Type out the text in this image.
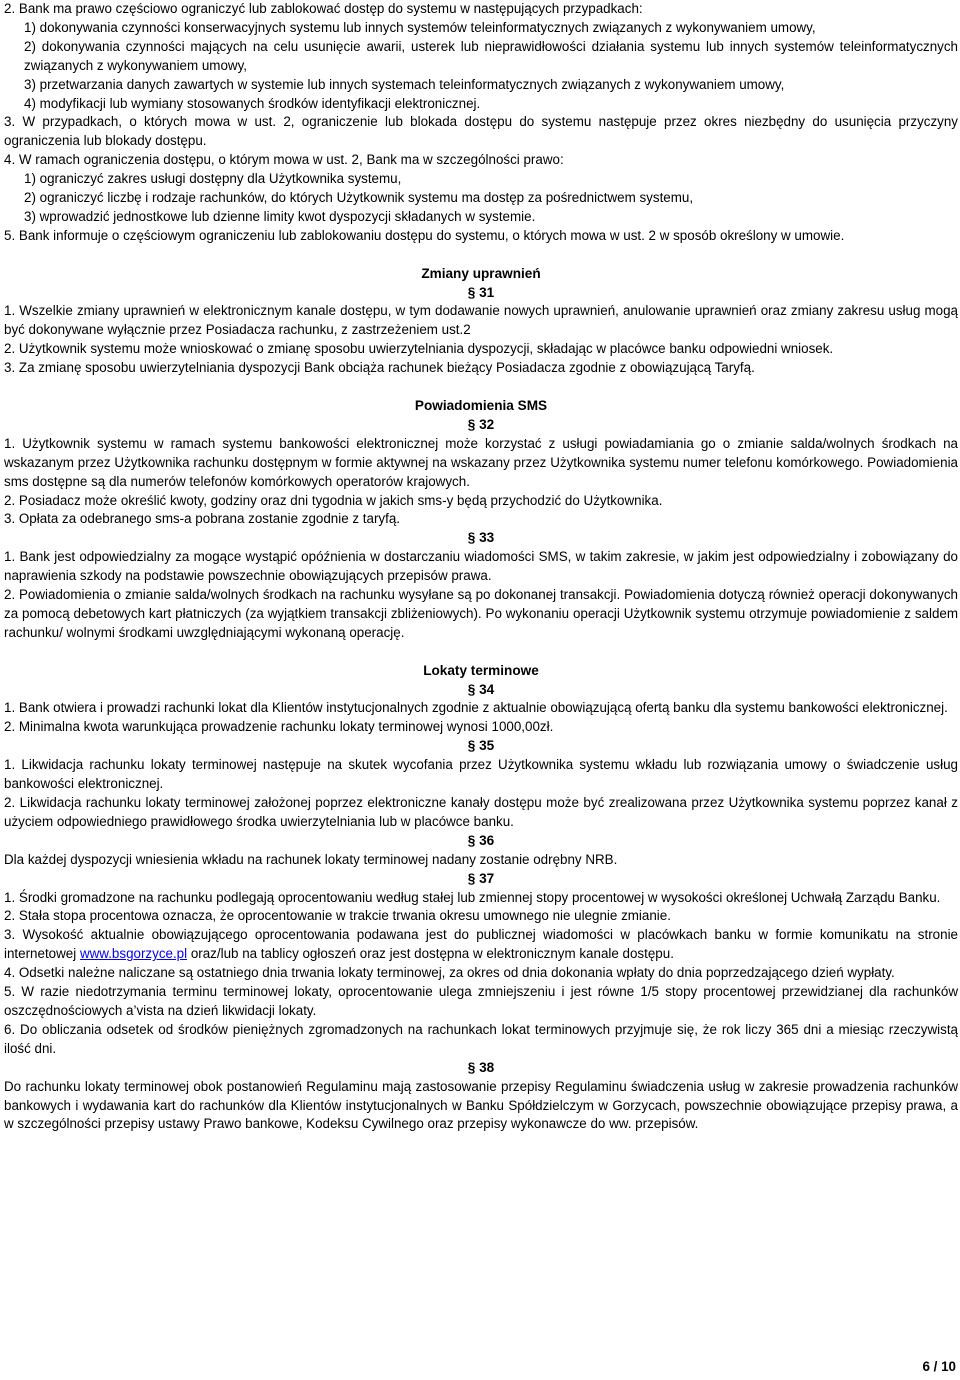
2. Bank ma prawo częściowo ograniczyć lub zablokować dostęp do systemu w następujących przypadkach:

1) dokonywania czynności konserwacyjnych systemu lub innych systemów teleinformatycznych związanych z wykonywaniem umowy,

2) dokonywania czynności mających na celu usunięcie awarii, usterek lub nieprawidłowości działania systemu lub innych systemów teleinformatycznych związanych z wykonywaniem umowy,

3) przetwarzania danych zawartych w systemie lub innych systemach teleinformatycznych związanych z wykonywaniem umowy,

4) modyfikacji lub wymiany stosowanych środków identyfikacji elektronicznej.

3. W przypadkach, o których mowa w ust. 2, ograniczenie lub blokada dostępu do systemu następuje przez okres niezbędny do usunięcia przyczyny ograniczenia lub blokady dostępu.

4. W ramach ograniczenia dostępu, o którym mowa w ust. 2, Bank ma w szczególności prawo:

1) ograniczyć zakres usługi dostępny dla Użytkownika systemu,

2) ograniczyć liczbę i rodzaje rachunków, do których Użytkownik systemu ma dostęp za pośrednictwem systemu,

3) wprowadzić jednostkowe lub dzienne limity kwot dyspozycji składanych w systemie.

5. Bank informuje o częściowym ograniczeniu lub zablokowaniu dostępu do systemu, o których mowa w ust. 2 w sposób określony w umowie.

Zmiany uprawnień

§ 31

1. Wszelkie zmiany uprawnień w elektronicznym kanale dostępu, w tym dodawanie nowych uprawnień, anulowanie uprawnień oraz zmiany zakresu usług mogą być dokonywane wyłącznie przez Posiadacza rachunku, z zastrzeżeniem ust.2

2. Użytkownik systemu może wnioskować o zmianę sposobu uwierzytelniania dyspozycji, składając w placówce banku odpowiedni wniosek.

3. Za zmianę sposobu uwierzytelniania dyspozycji Bank obciąża rachunek bieżący Posiadacza zgodnie z obowiązującą Taryfą.

Powiadomienia SMS

§ 32

1. Użytkownik systemu w ramach systemu bankowości elektronicznej może korzystać z usługi powiadamiania go o zmianie salda/wolnych środkach na wskazanym przez Użytkownika rachunku dostępnym w formie aktywnej na wskazany przez Użytkownika systemu numer telefonu komórkowego. Powiadomienia sms dostępne są dla numerów telefonów komórkowych operatorów krajowych.

2. Posiadacz może określić kwoty, godziny oraz dni tygodnia w jakich sms-y będą przychodzić do Użytkownika.

3. Opłata za odebranego sms-a pobrana zostanie zgodnie z taryfą.

§ 33

1. Bank jest odpowiedzialny za mogące wystąpić opóźnienia w dostarczaniu wiadomości SMS, w takim zakresie, w jakim jest odpowiedzialny i zobowiązany do naprawienia szkody na podstawie powszechnie obowiązujących przepisów prawa.

2. Powiadomienia o zmianie salda/wolnych środkach na rachunku wysyłane są po dokonanej transakcji. Powiadomienia dotyczą również operacji dokonywanych za pomocą debetowych kart płatniczych (za wyjątkiem transakcji zbliżeniowych). Po wykonaniu operacji Użytkownik systemu otrzymuje powiadomienie z saldem rachunku/ wolnymi środkami uwzględniającymi wykonaną operację.

Lokaty terminowe

§ 34

1. Bank otwiera i prowadzi rachunki lokat dla Klientów instytucjonalnych zgodnie z aktualnie obowiązującą ofertą banku dla systemu bankowości elektronicznej.

2. Minimalna kwota warunkująca prowadzenie rachunku lokaty terminowej wynosi 1000,00zł.

§ 35

1. Likwidacja rachunku lokaty terminowej następuje na skutek wycofania przez Użytkownika systemu wkładu lub rozwiązania umowy o świadczenie usług bankowości elektronicznej.

2. Likwidacja rachunku lokaty terminowej założonej poprzez elektroniczne kanały dostępu może być zrealizowana przez Użytkownika systemu poprzez kanał z użyciem odpowiedniego prawidłowego środka uwierzytelniania lub w placówce banku.

§ 36

Dla każdej dyspozycji wniesienia wkładu na rachunek lokaty terminowej nadany zostanie odrębny NRB.

§ 37

1. Środki gromadzone na rachunku podlegają oprocentowaniu według stałej lub zmiennej stopy procentowej w wysokości określonej Uchwałą Zarządu Banku.

2. Stała stopa procentowa oznacza, że oprocentowanie w trakcie trwania okresu umownego nie ulegnie zmianie.

3. Wysokość aktualnie obowiązującego oprocentowania podawana jest do publicznej wiadomości w placówkach banku w formie komunikatu na stronie internetowej www.bsgorzyce.pl oraz/lub na tablicy ogłoszeń oraz jest dostępna w elektronicznym kanale dostępu.

4. Odsetki należne naliczane są ostatniego dnia trwania lokaty terminowej, za okres od dnia dokonania wpłaty do dnia poprzedzającego dzień wypłaty.

5. W razie niedotrzymania terminu terminowej lokaty, oprocentowanie ulega zmniejszeniu i jest równe 1/5 stopy procentowej przewidzianej dla rachunków oszczędnościowych a’vista na dzień likwidacji lokaty.

6. Do obliczania odsetek od środków pieniężnych zgromadzonych na rachunkach lokat terminowych przyjmuje się, że rok liczy 365 dni a miesiąc rzeczywistą ilość dni.

§ 38

Do rachunku lokaty terminowej obok postanowień Regulaminu mają zastosowanie przepisy Regulaminu świadczenia usług w zakresie prowadzenia rachunków bankowych i wydawania kart do rachunków dla Klientów instytucjonalnych w Banku Spółdzielczym w Gorzycach, powszechnie obowiązujące przepisy prawa, a w szczególności przepisy ustawy Prawo bankowe, Kodeksu Cywilnego oraz przepisy wykonawcze do ww. przepisów.

6 / 10
